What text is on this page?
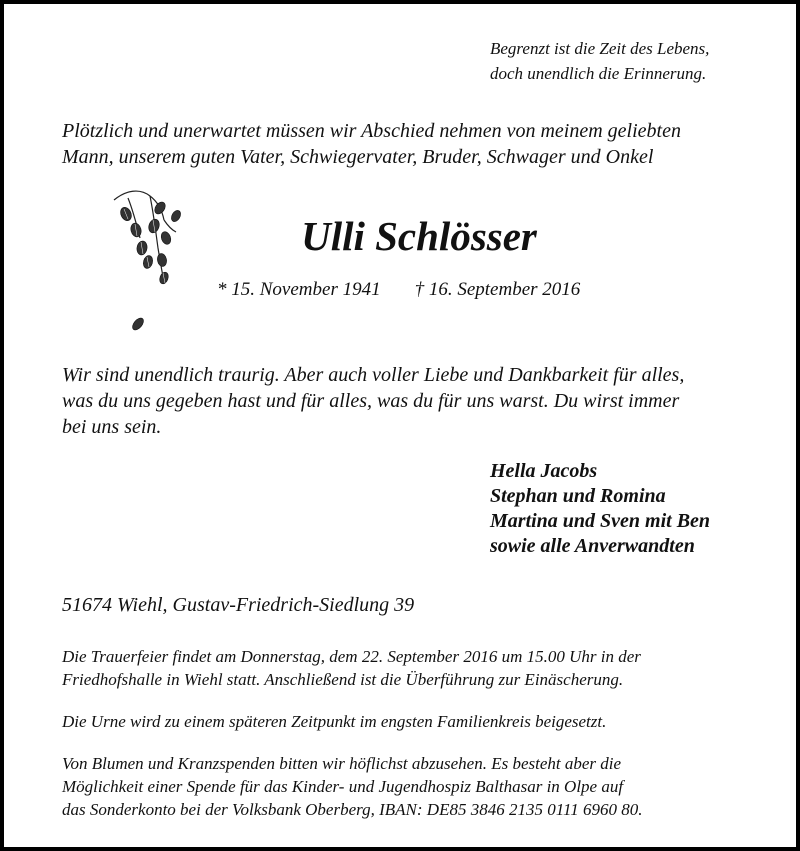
Begrenzt ist die Zeit des Lebens,
doch unendlich die Erinnerung.
Plötzlich und unerwartet müssen wir Abschied nehmen von meinem geliebten
Mann, unserem guten Vater, Schwiegervater, Bruder, Schwager und Onkel
Ulli Schlösser
* 15. November 1941 † 16. September 2016
Wir sind unendlich traurig. Aber auch voller Liebe und Dankbarkeit für alles,
was du uns gegeben hast und für alles, was du für uns warst. Du wirst immer
bei uns sein.
Hella Jacobs
Stephan und Romina
Martina und Sven mit Ben
sowie alle Anverwandten
51674 Wiehl, Gustav-Friedrich-Siedlung 39
Die Trauerfeier findet am Donnerstag, dem 22. September 2016 um 15.00 Uhr in der
Friedhofshalle in Wiehl statt. Anschließend ist die Überführung zur Einäscherung.
Die Urne wird zu einem späteren Zeitpunkt im engsten Familienkreis beigesetzt.
Von Blumen und Kranzspenden bitten wir höflichst abzusehen. Es besteht aber die
Möglichkeit einer Spende für das Kinder- und Jugendhospiz Balthasar in Olpe auf
das Sonderkonto bei der Volksbank Oberberg, IBAN: DE85 3846 2135 0111 6960 80.
